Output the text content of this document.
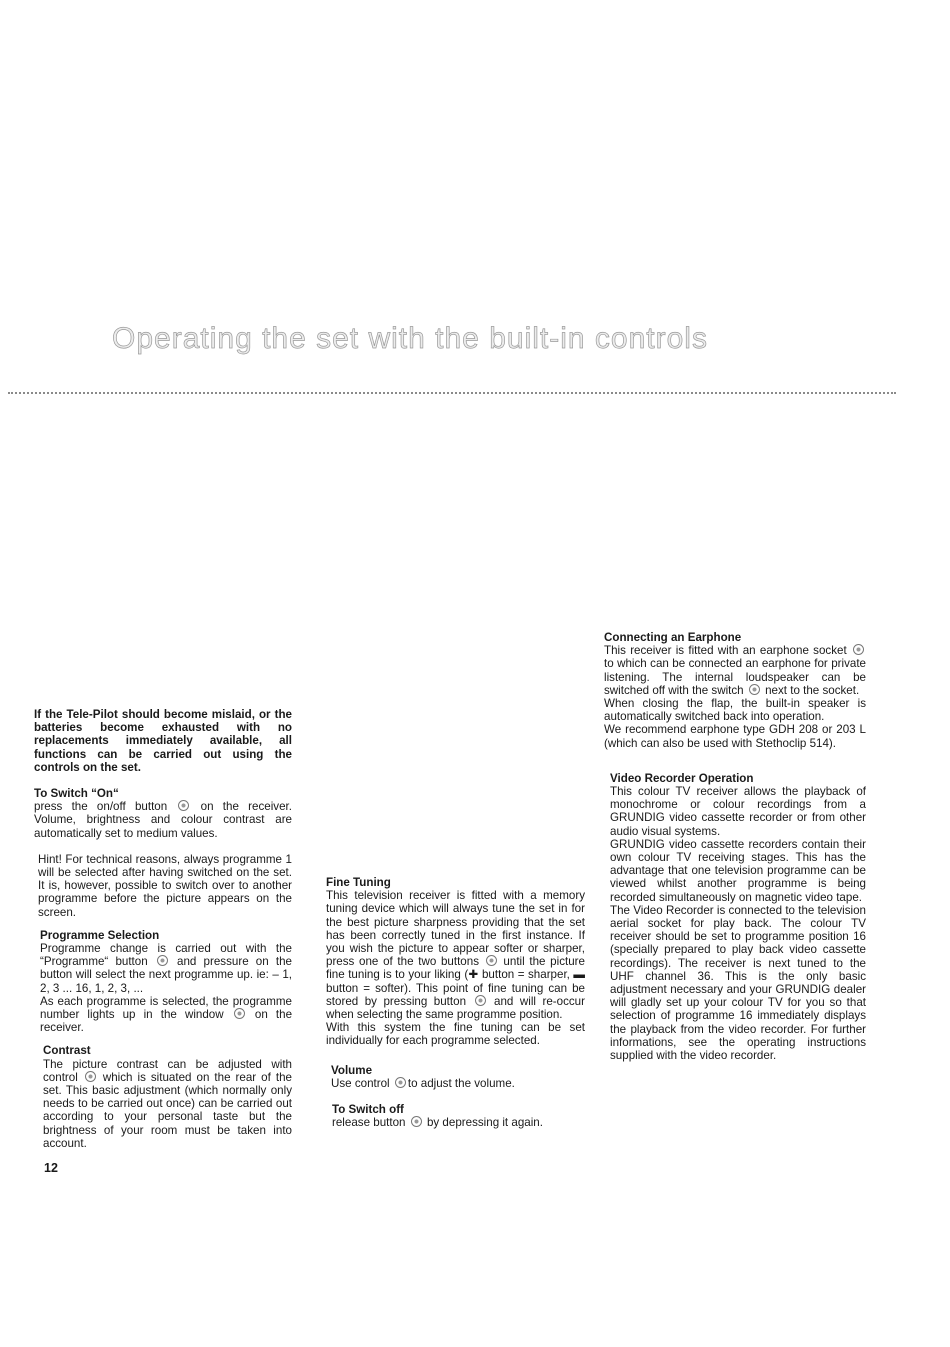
Operating the set with the built-in controls

If the Tele-Pilot should become mislaid, or the batteries become exhausted with no replacements immediately available, all functions can be carried out using the controls on the set.

To Switch “On“

press the on/off button	on the receiver. Volume, brightness and colour contrast are automatically set to medium values.

Hint! For technical reasons, always programme 1 will be selected after having switched on the set. It is, however, possible to switch over to another programme before the picture appears on the screen.

Programme Selection

Programme change is carried out with the “Programme“ button	and pressure on the button will select the next programme up. ie: – 1, 2, 3 ... 16, 1, 2, 3, ...

As each programme is selected, the programme number lights up in the window	on the receiver.

Contrast

The picture contrast can be adjusted with control which is situated on the rear of the set. This basic adjustment (which normally only needs to be carried out once) can be carried out according to your personal taste but the brightness of your room must be taken into account.

12
Fine Tuning

This television receiver is fitted with a memory tuning device which will always tune the set in for the best picture sharpness providing that the set has been correctly tuned in the first instance. If you wish the picture to appear softer or sharper, press one of the two buttons until the picture fine tuning is to your liking (✚ button = sharper, ▬ button = softer). This point of fine tuning can be stored by pressing button and will re-occur when selecting the same programme position.

With this system the fine tuning can be set individually for each programme selected.

Volume

Use control to adjust the volume.

To Switch off

release button by depressing it again.

Connecting an Earphone

This receiver is fitted with an earphone socket  to which can be connected an earphone for private listening. The internal loudspeaker can be switched off with the switch next to the socket.

When closing the flap, the built-in speaker is automatically switched back into operation.

We recommend earphone type GDH 208 or 203 L (which can also be used with Stethoclip 514).

Video Recorder Operation

This colour TV receiver allows the playback of monochrome or colour recordings from a GRUNDIG video cassette recorder or from other audio visual systems.

GRUNDIG video cassette recorders contain their own colour TV receiving stages. This has the advantage that one television programme can be viewed whilst another programme is being recorded simultaneously on magnetic video tape.

The Video Recorder is connected to the television aerial socket for play back. The colour TV receiver should be set to programme position 16 (specially prepared to play back video cassette recordings). The receiver is next tuned to the UHF channel 36. This is the only basic adjustment necessary and your GRUNDIG dealer will gladly set up your colour TV for you so that selection of programme 16 immediately displays the playback from the video recorder. For further informations, see the operating instructions supplied with the video recorder.
